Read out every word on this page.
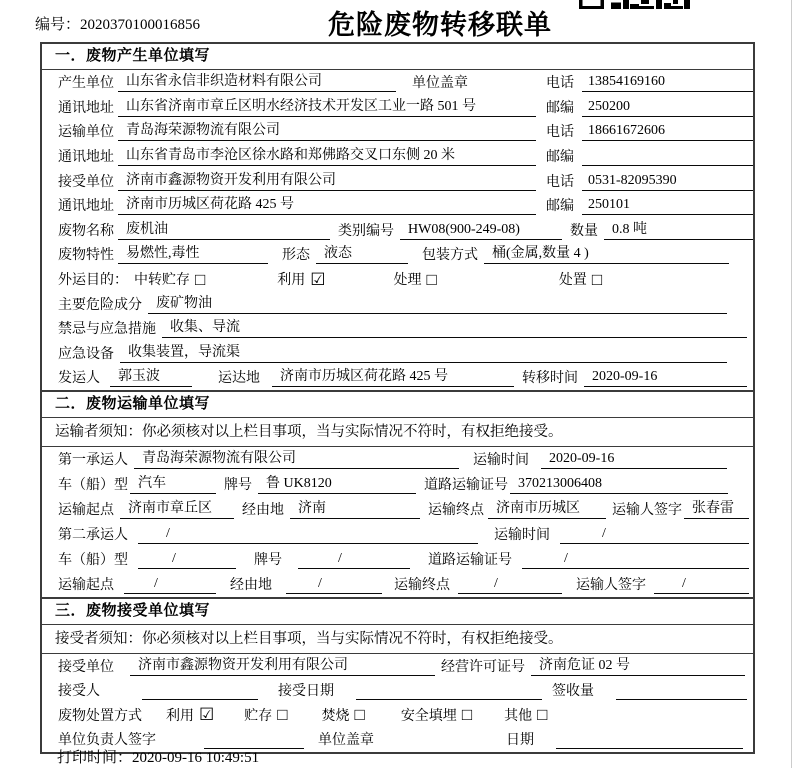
编号：2020370100016856	危险废物转移联单
一．废物产生单位填写
产生单位 山东省永信非织造材料有限公司	单位盖章	电话	13854169160
通讯地址 山东省济南市章丘区明水经济技术开发区工业一路 501 号	邮编	250200
运输单位 青岛海荣源物流有限公司	电话	18661672606
通讯地址 山东省青岛市李沧区徐水路和郑佛路交叉口东侧 20 米	邮编
接受单位 济南市鑫源物资开发利用有限公司	电话	0531-82095390
通讯地址 济南市历城区荷花路 425 号	邮编	250101
废物名称 废机油	类别编号	HW08(900-249-08)	数量	0.8 吨
废物特性 易燃性,毒性	形态	液态	包装方式	桶(金属,数量 4 )
外运目的： 中转贮存 □	利用 ☑	处理 □	处置 □
主要危险成分	废矿物油
禁忌与应急措施	收集、导流
应急设备	收集装置，导流渠
发运人	郭玉波	运达地	济南市历城区荷花路 425 号	转移时间	2020-09-16
二．废物运输单位填写
运输者须知：你必须核对以上栏目事项，当与实际情况不符时，有权拒绝接受。
第一承运人	青岛海荣源物流有限公司	运输时间	2020-09-16
车（船）型 汽车	牌号	鲁 UK8120	道路运输证号 370213006408
运输起点	济南市章丘区	经由地	济南	运输终点 济南市历城区	运输人签字 张春雷
第二承运人	/	运输时间	/
车（船）型	/	牌号	/	道路运输证号	/
运输起点	/	经由地	/	运输终点	/	运输人签字	/
三．废物接受单位填写
接受者须知：你必须核对以上栏目事项，当与实际情况不符时，有权拒绝接受。
接受单位	济南市鑫源物资开发利用有限公司	经营许可证号	济南危证 02 号
接受人	接受日期	签收量
废物处置方式 利用 ☑ 贮存 □ 焚烧 □	安全填埋 □ 其他 □
单位负责人签字	单位盖章	日期
打印时间：2020-09-16 10:49:51
